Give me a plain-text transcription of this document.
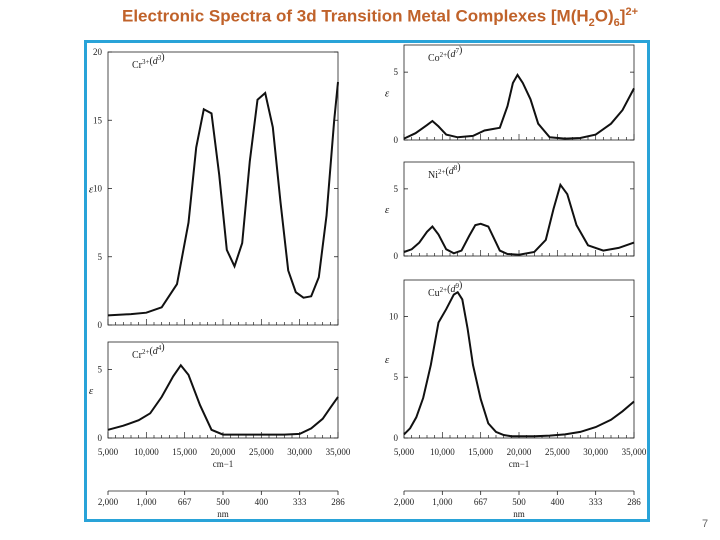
Electronic Spectra of 3d Transition Metal Complexes $[M(H_2O)_6]^{2+}$
0
5
10
15
20
ε
$Cr^{3+}(d^3)$
0
5
ε
$Cr^{2+}(d^4)$
5,000 10,000 15,000 20,000 25,000 30,000 35,000
cm−1
2,000 1,000 667	500	400	333	286
nm
0
5
ε
$Co^{2+}(d^7)$
0
5
ε
$Ni^{2+}(d^8)$
0
5
10
ε
$Cu^{2+}(d^9)$
5,000 10,000 15,000 20,000 25,000 30,000 35,000
cm−1
2,000 1,000 667	500	400	333	286
nm
7
